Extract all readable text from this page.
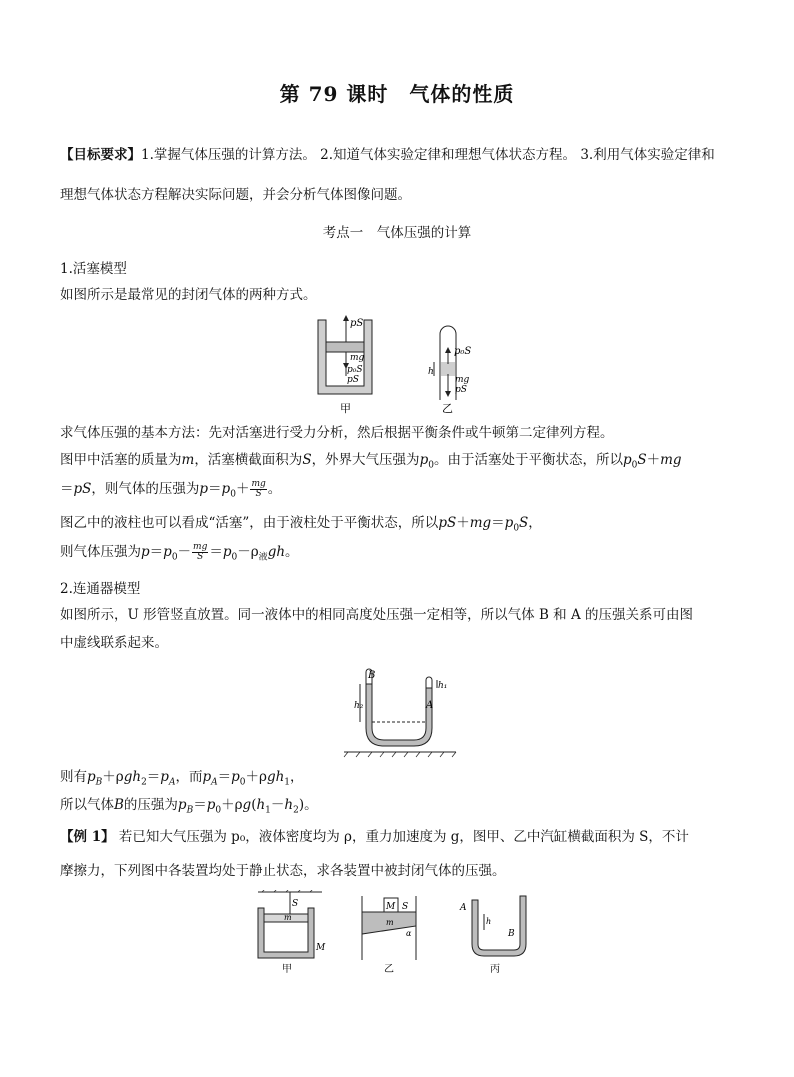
第 79 课时　气体的性质
【目标要求】1.掌握气体压强的计算方法。 2.知道气体实验定律和理想气体状态方程。 3.利用气体实验定律和
理想气体状态方程解决实际问题，并会分析气体图像问题。
考点一　气体压强的计算
1.活塞模型
如图所示是最常见的封闭气体的两种方式。
pS
mg
p₀S
pS
甲
h
p₀S
mg
pS
乙
求气体压强的基本方法：先对活塞进行受力分析，然后根据平衡条件或牛顿第二定律列方程。
图甲中活塞的质量为m，活塞横截面积为S，外界大气压强为$p_0$。由于活塞处于平衡状态，所以$p_0S+mg$
＝pS，则气体的压强为$p=p_0+ \frac{mg}{S}$ 。
图乙中的液柱也可以看成“活塞”，由于液柱处于平衡状态，所以$pS+mg=p_0S$，
则气体压强为$p=p_0- \frac{mg}{S} =p_0-\rho_液gh$。
2.连通器模型
如图所示，U 形管竖直放置。同一液体中的相同高度处压强一定相等，所以气体 B 和 A 的压强关系可由图
中虚线联系起来。
B
A
h₁
h₂
则有$p_B+\rho gh_2=p_A$，而$p_A=p_0+\rho gh_1$，
所以气体B的压强为$p_B=p_0+\rho g(h_1-h_2)$。
【例 1】 若已知大气压强为 p₀，液体密度均为 ρ，重力加速度为 g，图甲、乙中汽缸横截面积为 S，不计
摩擦力，下列图中各装置均处于静止状态，求各装置中被封闭气体的压强。
S
m
M
甲
M S
m
α
乙
A
h
B
丙
